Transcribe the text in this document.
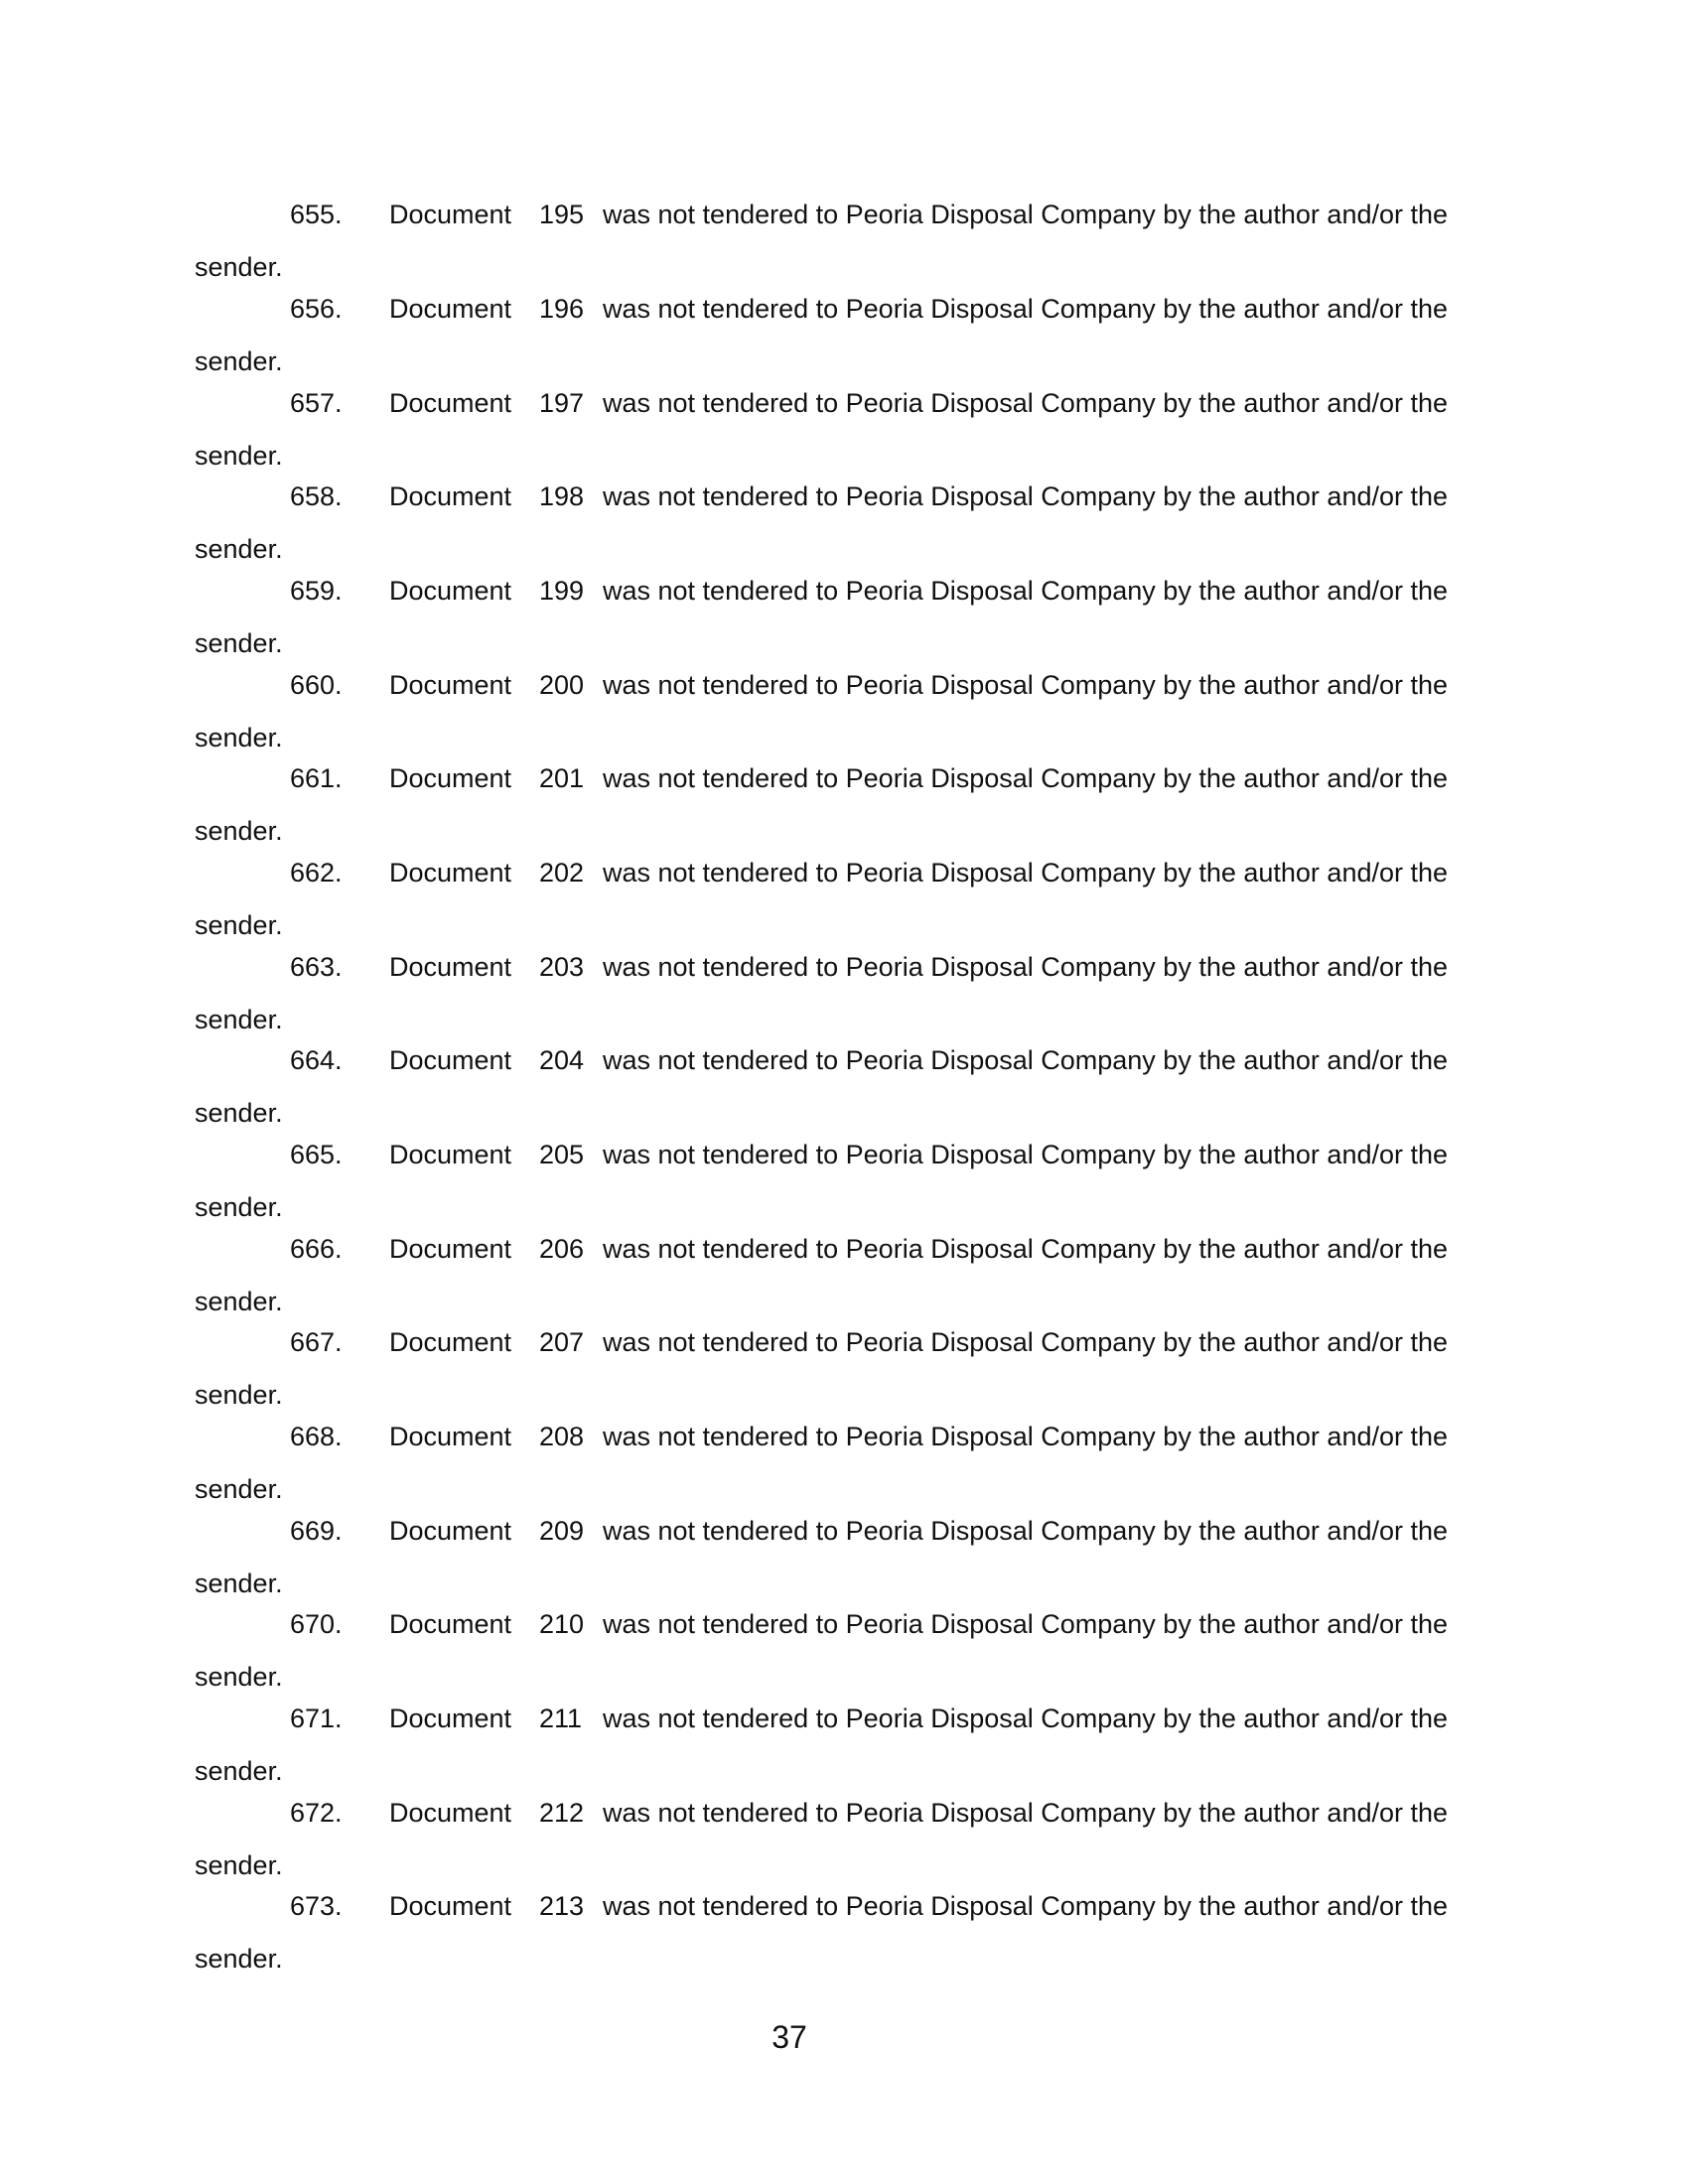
655. Document 195 was not tendered to Peoria Disposal Company by the author and/or the
sender.
656. Document 196 was not tendered to Peoria Disposal Company by the author and/or the
sender.
657. Document 197 was not tendered to Peoria Disposal Company by the author and/or the
sender.
658. Document 198 was not tendered to Peoria Disposal Company by the author and/or the
sender.
659. Document 199 was not tendered to Peoria Disposal Company by the author and/or the
sender.
660. Document 200 was not tendered to Peoria Disposal Company by the author and/or the
sender.
661. Document 201 was not tendered to Peoria Disposal Company by the author and/or the
sender.
662. Document 202 was not tendered to Peoria Disposal Company by the author and/or the
sender.
663. Document 203 was not tendered to Peoria Disposal Company by the author and/or the
sender.
664. Document 204 was not tendered to Peoria Disposal Company by the author and/or the
sender.
665. Document 205 was not tendered to Peoria Disposal Company by the author and/or the
sender.
666. Document 206 was not tendered to Peoria Disposal Company by the author and/or the
sender.
667. Document 207 was not tendered to Peoria Disposal Company by the author and/or the
sender.
668. Document 208 was not tendered to Peoria Disposal Company by the author and/or the
sender.
669. Document 209 was not tendered to Peoria Disposal Company by the author and/or the
sender.
670. Document 210 was not tendered to Peoria Disposal Company by the author and/or the
sender.
671. Document 211 was not tendered to Peoria Disposal Company by the author and/or the
sender.
672. Document 212 was not tendered to Peoria Disposal Company by the author and/or the
sender.
673. Document 213 was not tendered to Peoria Disposal Company by the author and/or the
sender.
37
